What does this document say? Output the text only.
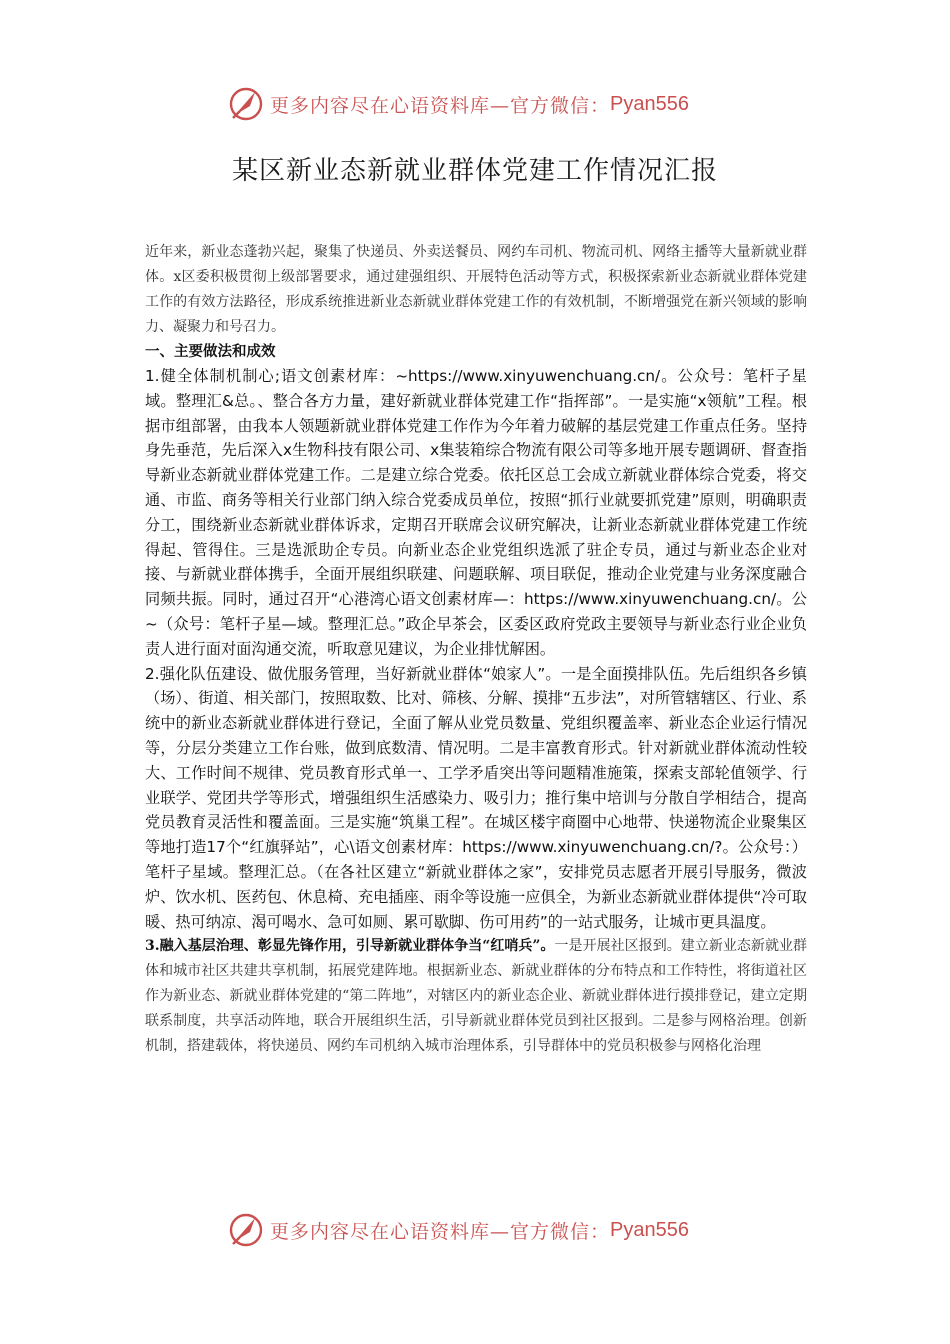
更多内容尽在心语资料库—官方微信： Pyan556
某区新业态新就业群体党建工作情况汇报

近年来，新业态蓬勃兴起，聚集了快递员、外卖送餐员、网约车司机、物流司机、网络主播等大量新就业群体。x区委积极贯彻上级部署要求，通过建强组织、开展特色活动等方式，积极探索新业态新就业群体党建工作的有效方法路径，形成系统推进新业态新就业群体党建工作的有效机制，不断增强党在新兴领域的影响力、凝聚力和号召力。

一、主要做法和成效

1.健全体制机制心;语文创素材库：~https://www.xinyuwenchuang.cn/。公众号：笔杆子星域。整理汇&总。、整合各方力量，建好新就业群体党建工作“指挥部”。一是实施“x领航”工程。根据市组部署，由我本人领题新就业群体党建工作作为今年着力破解的基层党建工作重点任务。坚持身先垂范，先后深入x生物科技有限公司、x集装箱综合物流有限公司等多地开展专题调研、督查指导新业态新就业群体党建工作。二是建立综合党委。依托区总工会成立新就业群体综合党委，将交通、市监、商务等相关行业部门纳入综合党委成员单位，按照“抓行业就要抓党建”原则，明确职责分工，围绕新业态新就业群体诉求，定期召开联席会议研究解决，让新业态新就业群体党建工作统得起、管得住。三是选派助企专员。向新业态企业党组织选派了驻企专员，通过与新业态企业对接、与新就业群体携手，全面开展组织联建、问题联解、项目联促，推动企业党建与业务深度融合同频共振。同时，通过召开“心港湾心语文创素材库—：https://www.xinyuwenchuang.cn/。公~（众号：笔杆子星—域。整理汇总。”政企早茶会，区委区政府党政主要领导与新业态行业企业负责人进行面对面沟通交流，听取意见建议，为企业排忧解困。

2.强化队伍建设、做优服务管理，当好新就业群体“娘家人”。一是全面摸排队伍。先后组织各乡镇（场）、街道、相关部门，按照取数、比对、筛核、分解、摸排“五步法”，对所管辖辖区、行业、系统中的新业态新就业群体进行登记，全面了解从业党员数量、党组织覆盖率、新业态企业运行情况等，分层分类建立工作台账，做到底数清、情况明。二是丰富教育形式。针对新就业群体流动性较大、工作时间不规律、党员教育形式单一、工学矛盾突出等问题精准施策，探索支部轮值领学、行业联学、党团共学等形式，增强组织生活感染力、吸引力；推行集中培训与分散自学相结合，提高党员教育灵活性和覆盖面。三是实施“筑巢工程”。在城区楼宇商圈中心地带、快递物流企业聚集区等地打造17个“红旗驿站”，心\语文创素材库：https://www.xinyuwenchuang.cn/?。公众号：）笔杆子星域。整理汇总。（在各社区建立“新就业群体之家”，安排党员志愿者开展引导服务，微波炉、饮水机、医药包、休息椅、充电插座、雨伞等设施一应俱全，为新业态新就业群体提供“冷可取暖、热可纳凉、渴可喝水、急可如厕、累可歇脚、伤可用药”的一站式服务，让城市更具温度。

3.融入基层治理、彰显先锋作用，引导新就业群体争当“红哨兵”。一是开展社区报到。建立新业态新就业群体和城市社区共建共享机制，拓展党建阵地。根据新业态、新就业群体的分布特点和工作特性，将街道社区作为新业态、新就业群体党建的“第二阵地”，对辖区内的新业态企业、新就业群体进行摸排登记，建立定期联系制度，共享活动阵地，联合开展组织生活，引导新就业群体党员到社区报到。二是参与网格治理。创新机制，搭建载体，将快递员、网约车司机纳入城市治理体系，引导群体中的党员积极参与网格化治理

更多内容尽在心语资料库—官方微信： Pyan556
